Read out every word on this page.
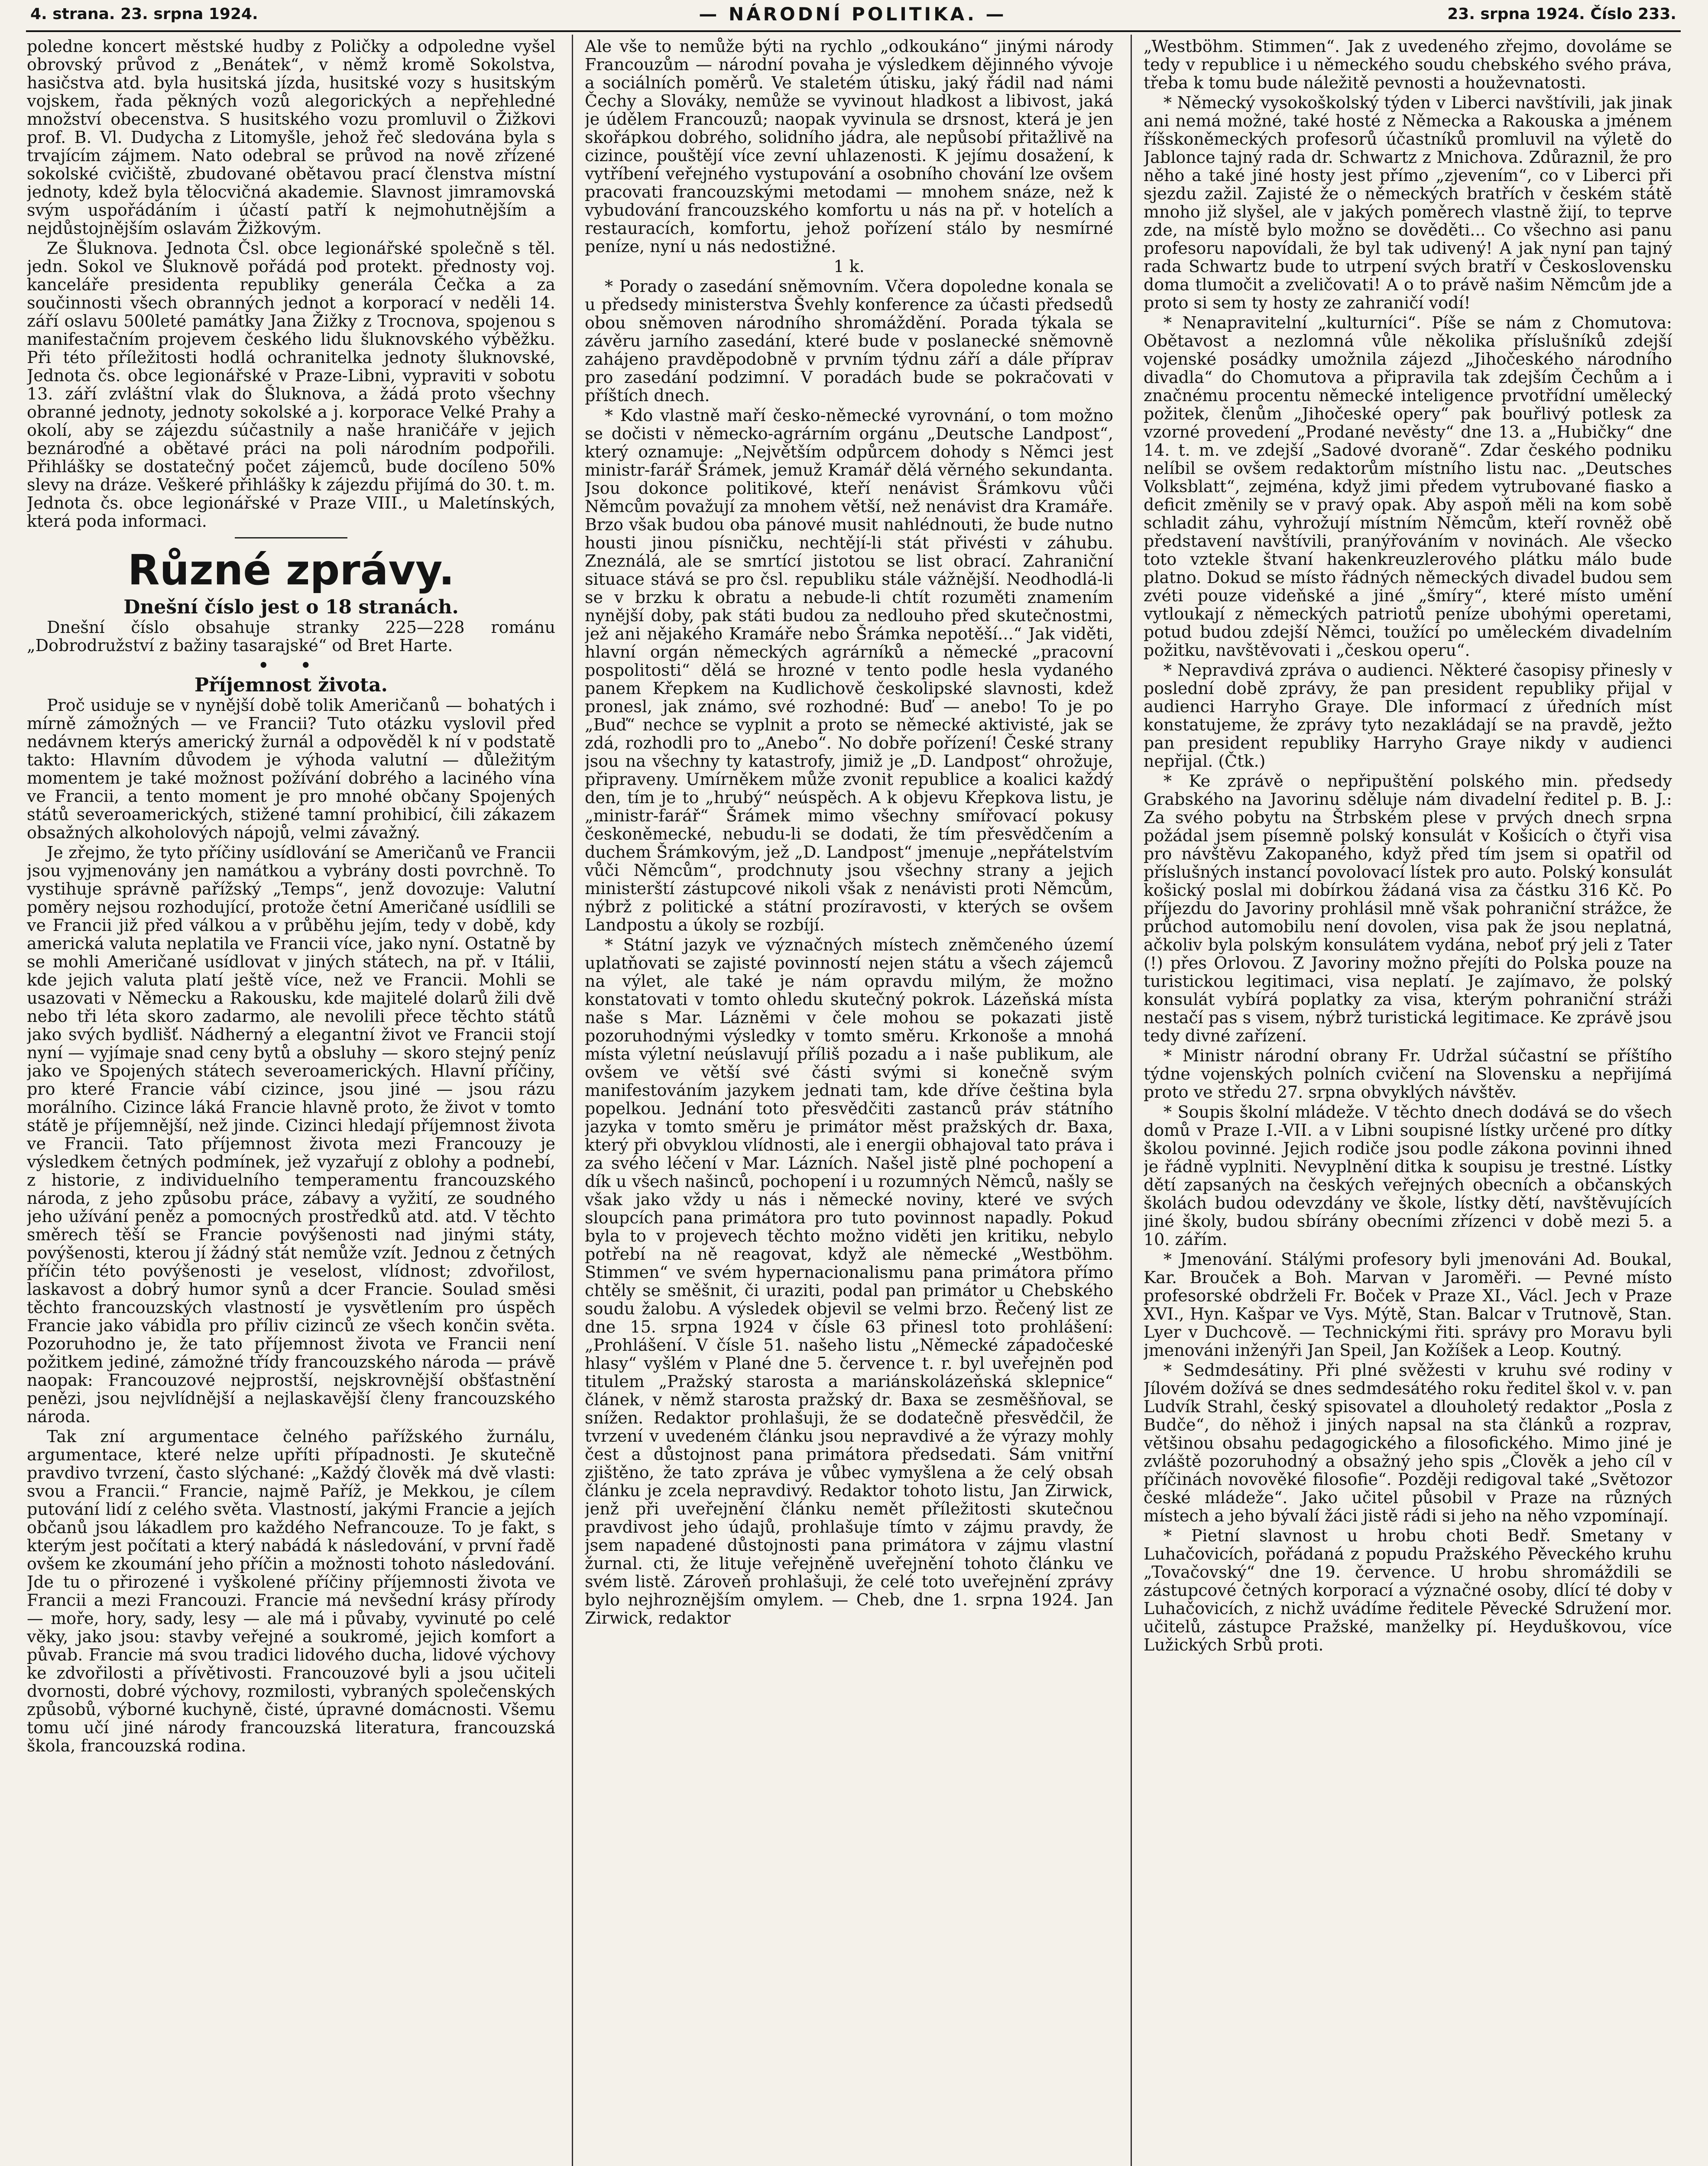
4. strana. 23. srpna 1924.	— NÁRODNÍ POLITIKA. —	23. srpna 1924. Číslo 233.

poledne koncert městské hudby z Poličky a odpoledne vyšel obrovský průvod z „Benátek“, v němž kromě Sokolstva, hasičstva atd. byla husitská jízda, husitské vozy s husitským vojskem, řada pěkných vozů alegorických a nepřehledné množství obecenstva. S husitského vozu promluvil o Žižkovi prof. B. Vl. Dudycha z Litomyšle, jehož řeč sledována byla s trvajícím zájmem. Nato odebral se průvod na nově zřízené sokolské cvičiště, zbudované obětavou prací členstva místní jednoty, kdež byla tělocvičná akademie. Slavnost jimramovská svým uspořádáním i účastí patří k nejmohutnějším a nejdůstojnějším oslavám Žižkovým.

Ze Šluknova. Jednota Čsl. obce legionářské společně s těl. jedn. Sokol ve Šluknově pořádá pod protekt. přednosty voj. kanceláře presidenta republiky generála Čečka a za součinnosti všech obranných jednot a korporací v neděli 14. září oslavu 500leté památky Jana Žižky z Trocnova, spojenou s manifestačním projevem českého lidu šluknovského výběžku. Při této příležitosti hodlá ochranitelka jednoty šluknovské, Jednota čs. obce legionářské v Praze-Libni, vypraviti v sobotu 13. září zvláštní vlak do Šluknova, a žádá proto všechny obranné jednoty, jednoty sokolské a j. korporace Velké Prahy a okolí, aby se zájezdu súčastnily a naše hraničáře v jejich beznároďné a obětavé práci na poli národním podpořili. Přihlášky se dostatečný počet zájemců, bude docíleno 50% slevy na dráze. Veškeré přihlášky k zájezdu přijímá do 30. t. m. Jednota čs. obce legionářské v Praze VIII., u Maletínských, která poda informaci.

Různé zprávy.

Dnešní číslo jest o 18 stranách.

Dnešní číslo obsahuje stranky 225—228 románu „Dobrodružství z bažiny tasarajské“ od Bret Harte.

• •

Příjemnost života.

Proč usiduje se v nynější době tolik Američanů — bohatých i mírně zámožných — ve Francii? Tuto otázku vyslovil před nedávnem kterýs americký žurnál a odpověděl k ní v podstatě takto: Hlavním důvodem je výhoda valutní — důležitým momentem je také možnost požívání dobrého a laciného vína ve Francii, a tento moment je pro mnohé občany Spojených států severoamerických, stižené tamní prohibicí, čili zákazem obsažných alkoholových nápojů, velmi závažný.

Je zřejmo, že tyto příčiny usídlování se Američanů ve Francii jsou vyjmenovány jen namátkou a vybrány dosti povrchně. To vystihuje správně pařížský „Temps“, jenž dovozuje: Valutní poměry nejsou rozhodující, protože četní Američané usídlili se ve Francii již před válkou a v průběhu jejím, tedy v době, kdy americká valuta neplatila ve Francii více, jako nyní. Ostatně by se mohli Američané usídlovat v jiných státech, na př. v Itálii, kde jejich valuta platí ještě více, než ve Francii. Mohli se usazovati v Německu a Rakousku, kde majitelé dolarů žili dvě nebo tři léta skoro zadarmo, ale nevolili přece těchto států jako svých bydlišť. Nádherný a elegantní život ve Francii stojí nyní — vyjímaje snad ceny bytů a obsluhy — skoro stejný peníz jako ve Spojených státech severoamerických. Hlavní příčiny, pro které Francie vábí cizince, jsou jiné — jsou rázu morálního. Cizince láká Francie hlavně proto, že život v tomto státě je příjemnější, než jinde. Cizinci hledají příjemnost života ve Francii. Tato příjemnost života mezi Francouzy je výsledkem četných podmínek, jež vyzařují z oblohy a podnebí, z historie, z individuelního temperamentu francouzského národa, z jeho způsobu práce, zábavy a vyžití, ze soudného jeho užívání peněz a pomocných prostředků atd. atd. V těchto směrech těší se Francie povýšenosti nad jinými státy, povýšenosti, kterou jí žádný stát nemůže vzít. Jednou z četných příčin této povýšenosti je veselost, vlídnost; zdvořilost, laskavost a dobrý humor synů a dcer Francie. Soulad směsi těchto francouzských vlastností je vysvětlením pro úspěch Francie jako vábidla pro příliv cizinců ze všech končin světa. Pozoruhodno je, že tato příjemnost života ve Francii není požitkem jediné, zámožné třídy francouzského národa — právě naopak: Francouzové nejprostší, nejskrovnější obšťastnění penězi, jsou nejvlídnější a nejlaskavější členy francouzského národa.

Tak zní argumentace čelného pařížského žurnálu, argumentace, které nelze upříti případnosti. Je skutečně pravdivo tvrzení, často slýchané: „Každý člověk má dvě vlasti: svou a Francii.“ Francie, najmě Paříž, je Mekkou, je cílem putování lidí z celého světa. Vlastností, jakými Francie a jejích občanů jsou lákadlem pro každého Nefrancouze. To je fakt, s kterým jest počítati a který nabádá k následování, v první řadě ovšem ke zkoumání jeho příčin a možnosti tohoto následování. Jde tu o přirozené i vyškolené příčiny příjemnosti života ve Francii a mezi Francouzi. Francie má nevšední krásy přírody — moře, hory, sady, lesy — ale má i půvaby, vyvinuté po celé věky, jako jsou: stavby veřejné a soukromé, jejich komfort a půvab. Francie má svou tradici lidového ducha, lidové výchovy ke zdvořilosti a přívětivosti. Francouzové byli a jsou učiteli dvornosti, dobré výchovy, rozmilosti, vybraných společenských způsobů, výborné kuchyně, čisté, úpravné domácnosti. Všemu tomu učí jiné národy francouzská literatura, francouzská škola, francouzská rodina.

Ale vše to nemůže býti na rychlo „odkoukáno“ jinými národy Francouzům — národní povaha je výsledkem dějinného vývoje a sociálních poměrů. Ve staletém útisku, jaký řádil nad námi Čechy a Slováky, nemůže se vyvinout hladkost a libivost, jaká je údělem Francouzů; naopak vyvinula se drsnost, která je jen skořápkou dobrého, solidního jádra, ale nepůsobí přitažlivě na cizince, pouštějí více zevní uhlazenosti. K jejímu dosažení, k vytříbení veřejného vystupování a osobního chování lze ovšem pracovati francouzskými metodami — mnohem snáze, než k vybudování francouzského komfortu u nás na př. v hotelích a restauracích, komfortu, jehož pořízení stálo by nesmírné peníze, nyní u nás nedostižné.

1 k.

* Porady o zasedání sněmovním. Včera dopoledne konala se u předsedy ministerstva Švehly konference za účasti předsedů obou sněmoven národního shromáždění. Porada týkala se závěru jarního zasedání, které bude v poslanecké sněmovně zahájeno pravděpodobně v prvním týdnu září a dále příprav pro zasedání podzimní. V poradách bude se pokračovati v příštích dnech.

* Kdo vlastně maří česko-německé vyrovnání, o tom možno se dočisti v německo-agrárním orgánu „Deutsche Landpost“, který oznamuje: „Největším odpůrcem dohody s Němci jest ministr-farář Šrámek, jemuž Kramář dělá věrného sekundanta. Jsou dokonce politikové, kteří nenávist Šrámkovu vůči Němcům považují za mnohem větší, než nenávist dra Kramáře. Brzo však budou oba pánové musit nahlédnouti, že bude nutno housti jinou písničku, nechtějí-li stát přivésti v záhubu. Zneználá, ale se smrtící jistotou se list obrací. Zahraniční situace stává se pro čsl. republiku stále vážnější. Neodhodlá-li se v brzku k obratu a nebude-li chtít rozuměti znamením nynější doby, pak státi budou za nedlouho před skutečnostmi, jež ani nějakého Kramáře nebo Šrámka nepotěší...“ Jak viděti, hlavní orgán německých agrárníků a německé „pracovní pospolitosti“ dělá se hrozné v tento podle hesla vydaného panem Křepkem na Kudlichově českolipské slavnosti, kdež pronesl, jak známo, své rozhodné: Buď — anebo! To je po „Buď“ nechce se vyplnit a proto se německé aktivisté, jak se zdá, rozhodli pro to „Anebo“. No dobře pořízení! České strany jsou na všechny ty katastrofy, jimiž je „D. Landpost“ ohrožuje, připraveny. Umírněkem může zvonit republice a koalici každý den, tím je to „hrubý“ neúspěch. A k objevu Křepkova listu, je „ministr-farář“ Šrámek mimo všechny smířovací pokusy českoněmecké, nebudu-li se dodati, že tím přesvědčením a duchem Šrámkovým, jež „D. Landpost“ jmenuje „nepřátelstvím vůči Němcům“, prodchnuty jsou všechny strany a jejich ministerští zástupcové nikoli však z nenávisti proti Němcům, nýbrž z politické a státní prozíravosti, v kterých se ovšem Landpostu a úkoly se rozbíjí.

* Státní jazyk ve význačných místech zněmčeného území uplatňovati se zajisté povinností nejen státu a všech zájemců na výlet, ale také je nám opravdu milým, že možno konstatovati v tomto ohledu skutečný pokrok. Lázeňská místa naše s Mar. Lázněmi v čele mohou se pokazati jistě pozoruhodnými výsledky v tomto směru. Krkonoše a mnohá místa výletní neúslavují příliš pozadu a i naše publikum, ale ovšem ve větší své části svými si konečně svým manifestováním jazykem jednati tam, kde dříve čeština byla popelkou. Jednání toto přesvědčiti zastanců práv státního jazyka v tomto směru je primátor měst pražských dr. Baxa, který při obvyklou vlídnosti, ale i energii obhajoval tato práva i za svého léčení v Mar. Lázních. Našel jistě plné pochopení a dík u všech našinců, pochopení i u rozumných Němců, našly se však jako vždy u nás i německé noviny, které ve svých sloupcích pana primátora pro tuto povinnost napadly. Pokud byla to v projevech těchto možno viděti jen kritiku, nebylo potřebí na ně reagovat, když ale německé „Westböhm. Stimmen“ ve svém hypernacionalismu pana primátora přímo chtěly se směšnit, či uraziti, podal pan primátor u Chebského soudu žalobu. A výsledek objevil se velmi brzo. Řečený list ze dne 15. srpna 1924 v čísle 63 přinesl toto prohlášení: „Prohlášení. V čísle 51. našeho listu „Německé západočeské hlasy“ vyšlém v Plané dne 5. července t. r. byl uveřejněn pod titulem „Pražský starosta a mariánskolázeňská sklepnice“ článek, v němž starosta pražský dr. Baxa se zesměšňoval, se snížen. Redaktor prohlašuji, že se dodatečně přesvědčil, že tvrzení v uvedeném článku jsou nepravdivé a že výrazy mohly čest a důstojnost pana primátora předsedati. Sám vnitřní zjištěno, že tato zpráva je vůbec vymyšlena a že celý obsah článku je zcela nepravdivý. Redaktor tohoto listu, Jan Zirwick, jenž při uveřejnění článku nemět příležitosti skutečnou pravdivost jeho údajů, prohlašuje tímto v zájmu pravdy, že jsem napadené důstojnosti pana primátora v zájmu vlastní žurnal. cti, že lituje veřejněně uveřejnění tohoto článku ve svém listě. Zároveň prohlašuji, že celé toto uveřejnění zprávy bylo nejhroznějším omylem. — Cheb, dne 1. srpna 1924. Jan Zirwick, redaktor

„Westböhm. Stimmen“. Jak z uvedeného zřejmo, dovoláme se tedy v republice i u německého soudu chebského svého práva, třeba k tomu bude náležitě pevnosti a houževnatosti.

* Německý vysokoškolský týden v Liberci navštívili, jak jinak ani nemá možné, také hosté z Německa a Rakouska a jménem říšskoněmeckých profesorů účastníků promluvil na výletě do Jablonce tajný rada dr. Schwartz z Mnichova. Zdůraznil, že pro něho a také jiné hosty jest přímo „zjevením“, co v Liberci při sjezdu zažil. Zajisté že o německých bratřích v českém státě mnoho již slyšel, ale v jakých poměrech vlastně žijí, to teprve zde, na místě bylo možno se dověděti... Co všechno asi panu profesoru napovídali, že byl tak udivený! A jak nyní pan tajný rada Schwartz bude to utrpení svých bratří v Československu doma tlumočit a zveličovati! A o to právě našim Němcům jde a proto si sem ty hosty ze zahraničí vodí!

* Nenapravitelní „kulturníci“. Píše se nám z Chomutova: Obětavost a nezlomná vůle několika příslušníků zdejší vojenské posádky umožnila zájezd „Jihočeského národního divadla“ do Chomutova a připravila tak zdejším Čechům a i značnému procentu německé inteligence prvotřídní umělecký požitek, členům „Jihočeské opery“ pak bouřlivý potlesk za vzorné provedení „Prodané nevěsty“ dne 13. a „Hubičky“ dne 14. t. m. ve zdejší „Sadové dvoraně“. Zdar českého podniku nelíbil se ovšem redaktorům místního listu nac. „Deutsches Volksblatt“, zejména, když jimi předem vytrubované fiasko a deficit změnily se v pravý opak. Aby aspoň měli na kom sobě schladit záhu, vyhrožují místním Němcům, kteří rovněž obě představení navštívili, pranýřováním v novinách. Ale všecko toto vztekle štvaní hakenkreuzlerového plátku málo bude platno. Dokud se místo řádných německých divadel budou sem zvéti pouze videňské a jiné „šmíry“, které místo umění vytloukají z německých patriotů peníze ubohými operetami, potud budou zdejší Němci, toužící po uměleckém divadelním požitku, navštěvovati i „českou operu“.

* Nepravdivá zpráva o audienci. Některé časopisy přinesly v poslední době zprávy, že pan president republiky přijal v audienci Harryho Graye. Dle informací z úředních míst konstatujeme, že zprávy tyto nezakládají se na pravdě, ježto pan president republiky Harryho Graye nikdy v audienci nepřijal. (Čtk.)

* Ke zprávě o nepřipuštění polského min. předsedy Grabského na Javorinu sděluje nám divadelní ředitel p. B. J.: Za svého pobytu na Štrbském plese v prvých dnech srpna požádal jsem písemně polský konsulát v Košicích o čtyři visa pro návštěvu Zakopaného, když před tím jsem si opatřil od příslušných instancí povolovací lístek pro auto. Polský konsulát košický poslal mi dobírkou žádaná visa za částku 316 Kč. Po příjezdu do Javoriny prohlásil mně však pohraniční strážce, že průchod automobilu není dovolen, visa pak že jsou neplatná, ačkoliv byla polským konsulátem vydána, neboť prý jeli z Tater (!) přes Orlovou. Z Javoriny možno přejíti do Polska pouze na turistickou legitimaci, visa neplatí. Je zajímavo, že polský konsulát vybírá poplatky za visa, kterým pohraniční stráži nestačí pas s visem, nýbrž turistická legitimace. Ke zprávě jsou tedy divné zařízení.

* Ministr národní obrany Fr. Udržal súčastní se příštího týdne vojenských polních cvičení na Slovensku a nepřijímá proto ve středu 27. srpna obvyklých návštěv.

* Soupis školní mládeže. V těchto dnech dodává se do všech domů v Praze I.-VII. a v Libni soupisné lístky určené pro dítky školou povinné. Jejich rodiče jsou podle zákona povinni ihned je řádně vyplniti. Nevyplnění ditka k soupisu je trestné. Lístky dětí zapsaných na českých veřejných obecních a občanských školách budou odevzdány ve škole, lístky dětí, navštěvujících jiné školy, budou sbírány obecními zřízenci v době mezi 5. a 10. zářím.

* Jmenování. Stálými profesory byli jmenováni Ad. Boukal, Kar. Brouček a Boh. Marvan v Jaroměři. — Pevné místo profesorské obdrželi Fr. Boček v Praze XI., Václ. Jech v Praze XVI., Hyn. Kašpar ve Vys. Mýtě, Stan. Balcar v Trutnově, Stan. Lyer v Duchcově. — Technickými řiti. správy pro Moravu byli jmenováni inženýři Jan Speil, Jan Kožíšek a Leop. Koutný.

* Sedmdesátiny. Při plné svěžesti v kruhu své rodiny v Jílovém dožívá se dnes sedmdesátého roku ředitel škol v. v. pan Ludvík Strahl, český spisovatel a dlouholetý redaktor „Posla z Budče“, do něhož i jiných napsal na sta článků a rozprav, většinou obsahu pedagogického a filosofického. Mimo jiné je zvláště pozoruhodný a obsažný jeho spis „Člověk a jeho cíl v příčinách novověké filosofie“. Později redigoval také „Světozor české mládeže“. Jako učitel působil v Praze na různých místech a jeho bývalí žáci jistě rádi si jeho na něho vzpomínají.

* Pietní slavnost u hrobu choti Bedř. Smetany v Luhačovicích, pořádaná z popudu Pražského Pěveckého kruhu „Tovačovský“ dne 19. července. U hrobu shromáždili se zástupcové četných korporací a význačné osoby, dlící té doby v Luhačovicích, z nichž uvádíme ředitele Pěvecké Sdružení mor. učitelů, zástupce Pražské, manželky pí. Heyduškovou, více Lužických Srbů proti.
